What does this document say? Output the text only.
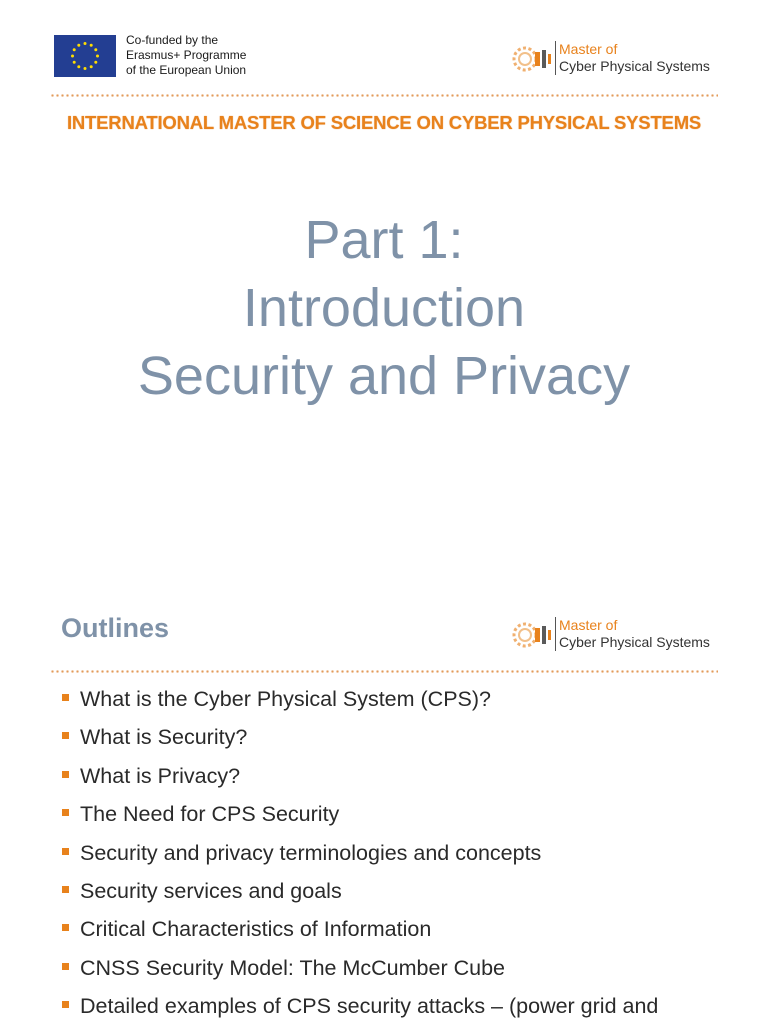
Co-funded by the
Erasmus+ Programme
of the European Union
Master of
Cyber Physical Systems
INTERNATIONAL MASTER OF SCIENCE ON CYBER PHYSICAL SYSTEMS
Part 1:
Introduction
Security and Privacy
Outlines	Master of
Cyber Physical Systems
What is the Cyber Physical System (CPS)?
What is Security?
What is Privacy?
The Need for CPS Security
Security and privacy terminologies and concepts
Security services and goals
Critical Characteristics of Information
CNSS Security Model: The McCumber Cube
Detailed examples of CPS security attacks – (power grid and
